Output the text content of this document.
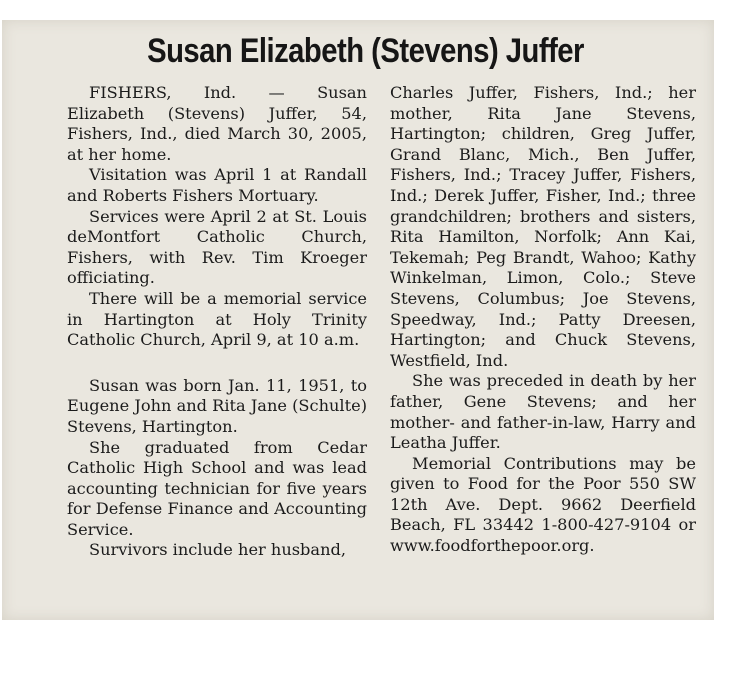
Susan Elizabeth (Stevens) Juffer

FISHERS, Ind. — Susan Elizabeth (Stevens) Juffer, 54, Fishers, Ind., died March 30, 2005, at her home.

Visitation was April 1 at Randall and Roberts Fishers Mortuary.

Services were April 2 at St. Louis deMontfort Catholic Church, Fishers, with Rev. Tim Kroeger officiating.

There will be a memorial service in Hartington at Holy Trinity Catholic Church, April 9, at 10 a.m.

Susan was born Jan. 11, 1951, to Eugene John and Rita Jane (Schulte) Stevens, Hartington.

She graduated from Cedar Catholic High School and was lead accounting technician for five years for Defense Finance and Accounting Service.

Survivors include her husband,

Charles Juffer, Fishers, Ind.; her mother, Rita Jane Stevens, Hartington; children, Greg Juffer, Grand Blanc, Mich., Ben Juffer, Fishers, Ind.; Tracey Juffer, Fishers, Ind.; Derek Juffer, Fisher, Ind.; three grandchildren; brothers and sisters, Rita Hamilton, Norfolk; Ann Kai, Tekemah; Peg Brandt, Wahoo; Kathy Winkelman, Limon, Colo.; Steve Stevens, Columbus; Joe Stevens, Speedway, Ind.; Patty Dreesen, Hartington; and Chuck Stevens, Westfield, Ind.

She was preceded in death by her father, Gene Stevens; and her mother- and father-in-law, Harry and Leatha Juffer.

Memorial Contributions may be given to Food for the Poor 550 SW 12th Ave. Dept. 9662 Deerfield Beach, FL 33442 1-800-427-9104 or www.foodforthepoor.org.
